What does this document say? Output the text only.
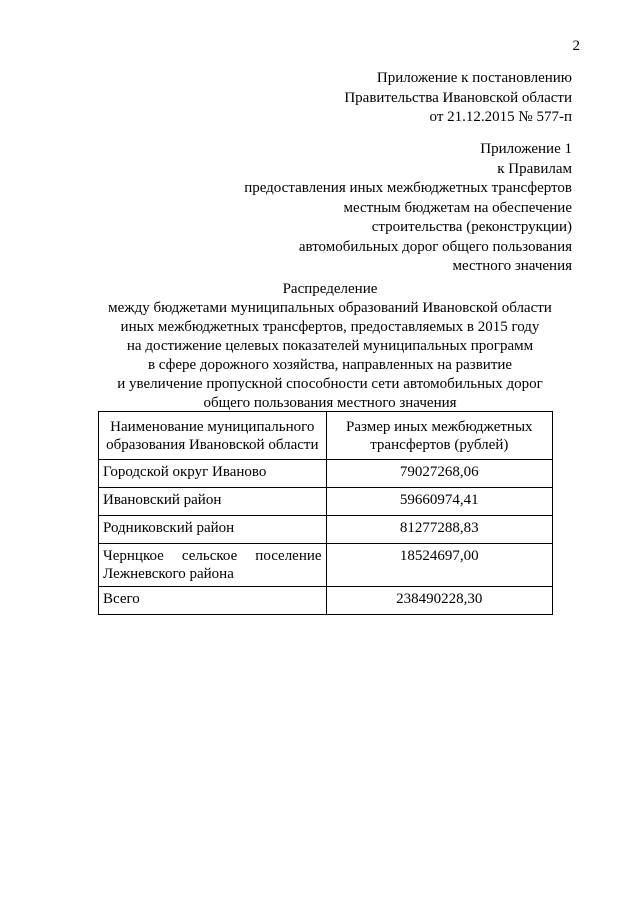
2
Приложение к постановлению
Правительства Ивановской области
от 21.12.2015 № 577-п
Приложение 1
к Правилам
предоставления иных межбюджетных трансфертов
местным бюджетам на обеспечение
строительства (реконструкции)
автомобильных дорог общего пользования
местного значения
Распределение
между бюджетами муниципальных образований Ивановской области
иных межбюджетных трансфертов, предоставляемых в 2015 году
на достижение целевых показателей муниципальных программ
в сфере дорожного хозяйства, направленных на развитие
и увеличение пропускной способности сети автомобильных дорог
общего пользования местного значения
Наименование муниципального образования Ивановской области	Размер иных межбюджетных трансфертов (рублей)
Городской округ Иваново	79027268,06
Ивановский район	59660974,41
Родниковский район	81277288,83
Чернцкое сельское поселение Лежневского района	18524697,00
Всего	238490228,30
